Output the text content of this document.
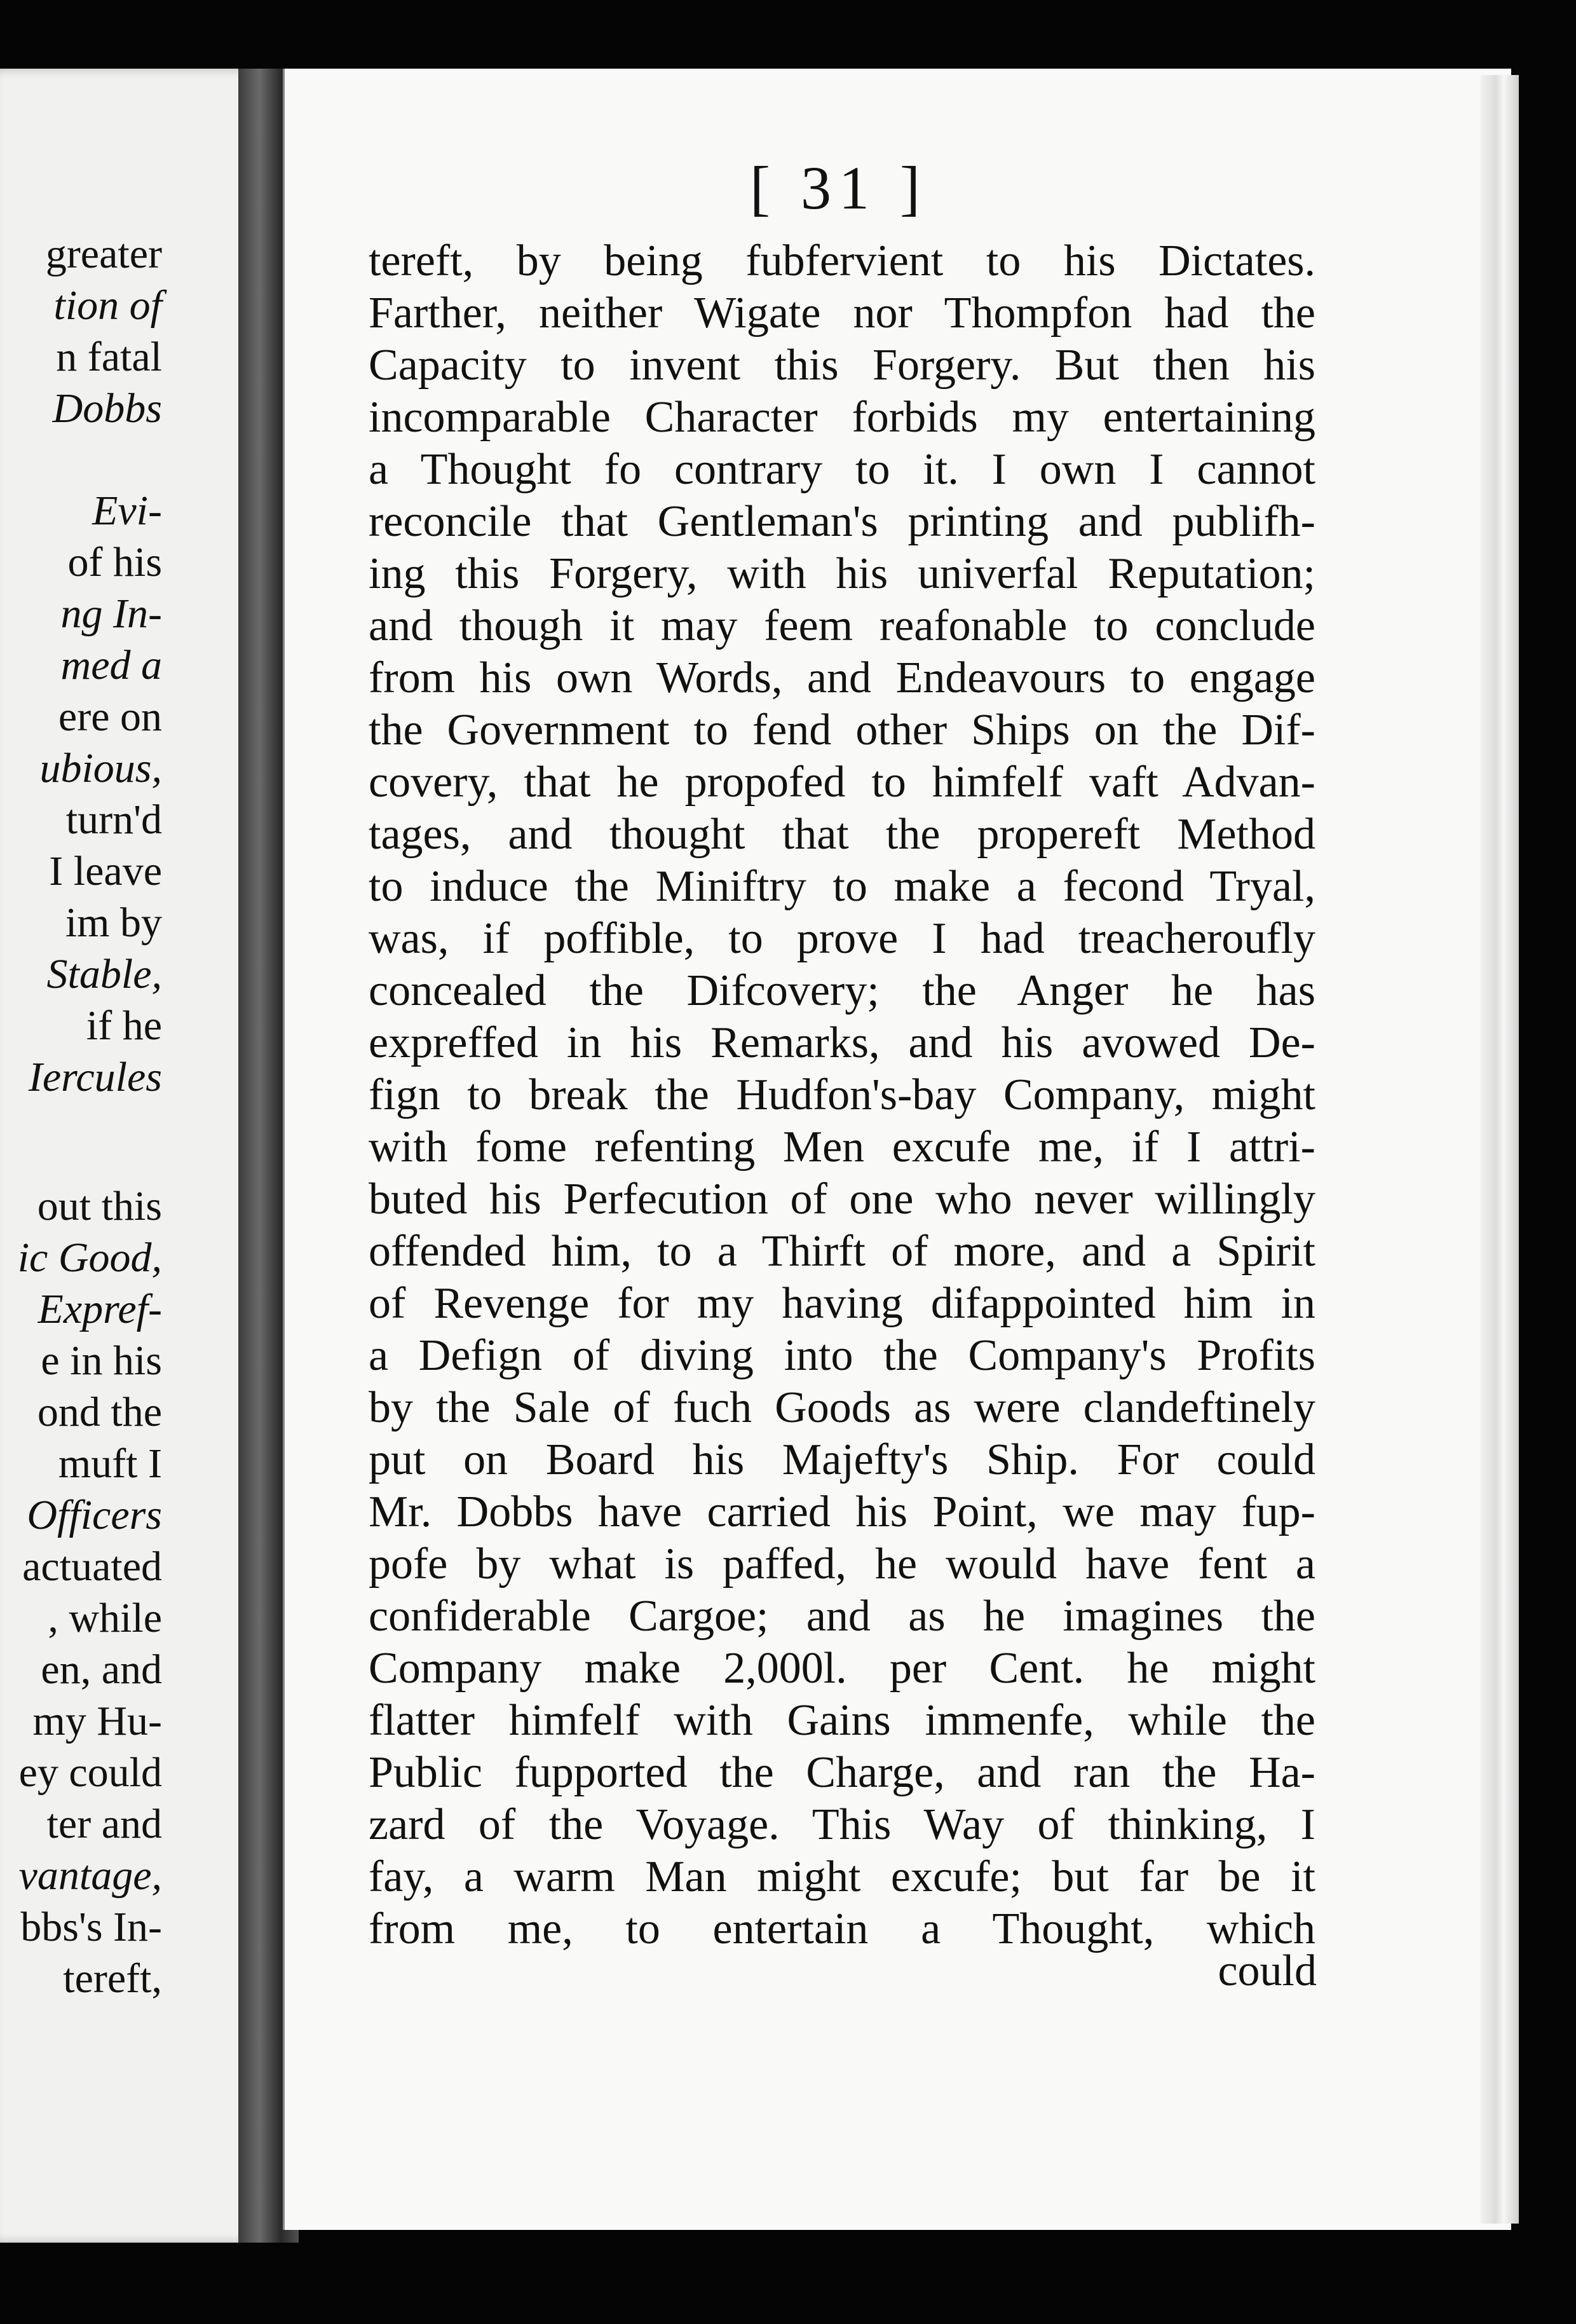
greater
tion of
n fatal
Dobbs
Evi-
of his
ng In-
med a
ere on
ubious,
turn'd
I leave
im by
Stable,
if he
Iercules
out this
ic Good,
Expref-
e in his
ond the
muft I
Officers
actuated
, while
en, and
my Hu-
ey could
ter and
vantage,
bbs's In-
tereft,
[ 31 ]
tereft, by being fubfervient to his Dictates.
Farther, neither Wigate nor Thompfon had the
Capacity to invent this Forgery. But then his
incomparable Character forbids my entertaining
a Thought fo contrary to it. I own I cannot
reconcile that Gentleman's printing and publifh-
ing this Forgery, with his univerfal Reputation;
and though it may feem reafonable to conclude
from his own Words, and Endeavours to engage
the Government to fend other Ships on the Dif-
covery, that he propofed to himfelf vaft Advan-
tages, and thought that the propereft Method
to induce the Miniftry to make a fecond Tryal,
was, if poffible, to prove I had treacheroufly
concealed the Difcovery; the Anger he has
expreffed in his Remarks, and his avowed De-
fign to break the Hudfon's-bay Company, might
with fome refenting Men excufe me, if I attri-
buted his Perfecution of one who never willingly
offended him, to a Thirft of more, and a Spirit
of Revenge for my having difappointed him in
a Defign of diving into the Company's Profits
by the Sale of fuch Goods as were clandeftinely
put on Board his Majefty's Ship. For could
Mr. Dobbs have carried his Point, we may fup-
pofe by what is paffed, he would have fent a
confiderable Cargoe; and as he imagines the
Company make 2,000l. per Cent. he might
flatter himfelf with Gains immenfe, while the
Public fupported the Charge, and ran the Ha-
zard of the Voyage. This Way of thinking, I
fay, a warm Man might excufe; but far be it
from me, to entertain a Thought, which
could
